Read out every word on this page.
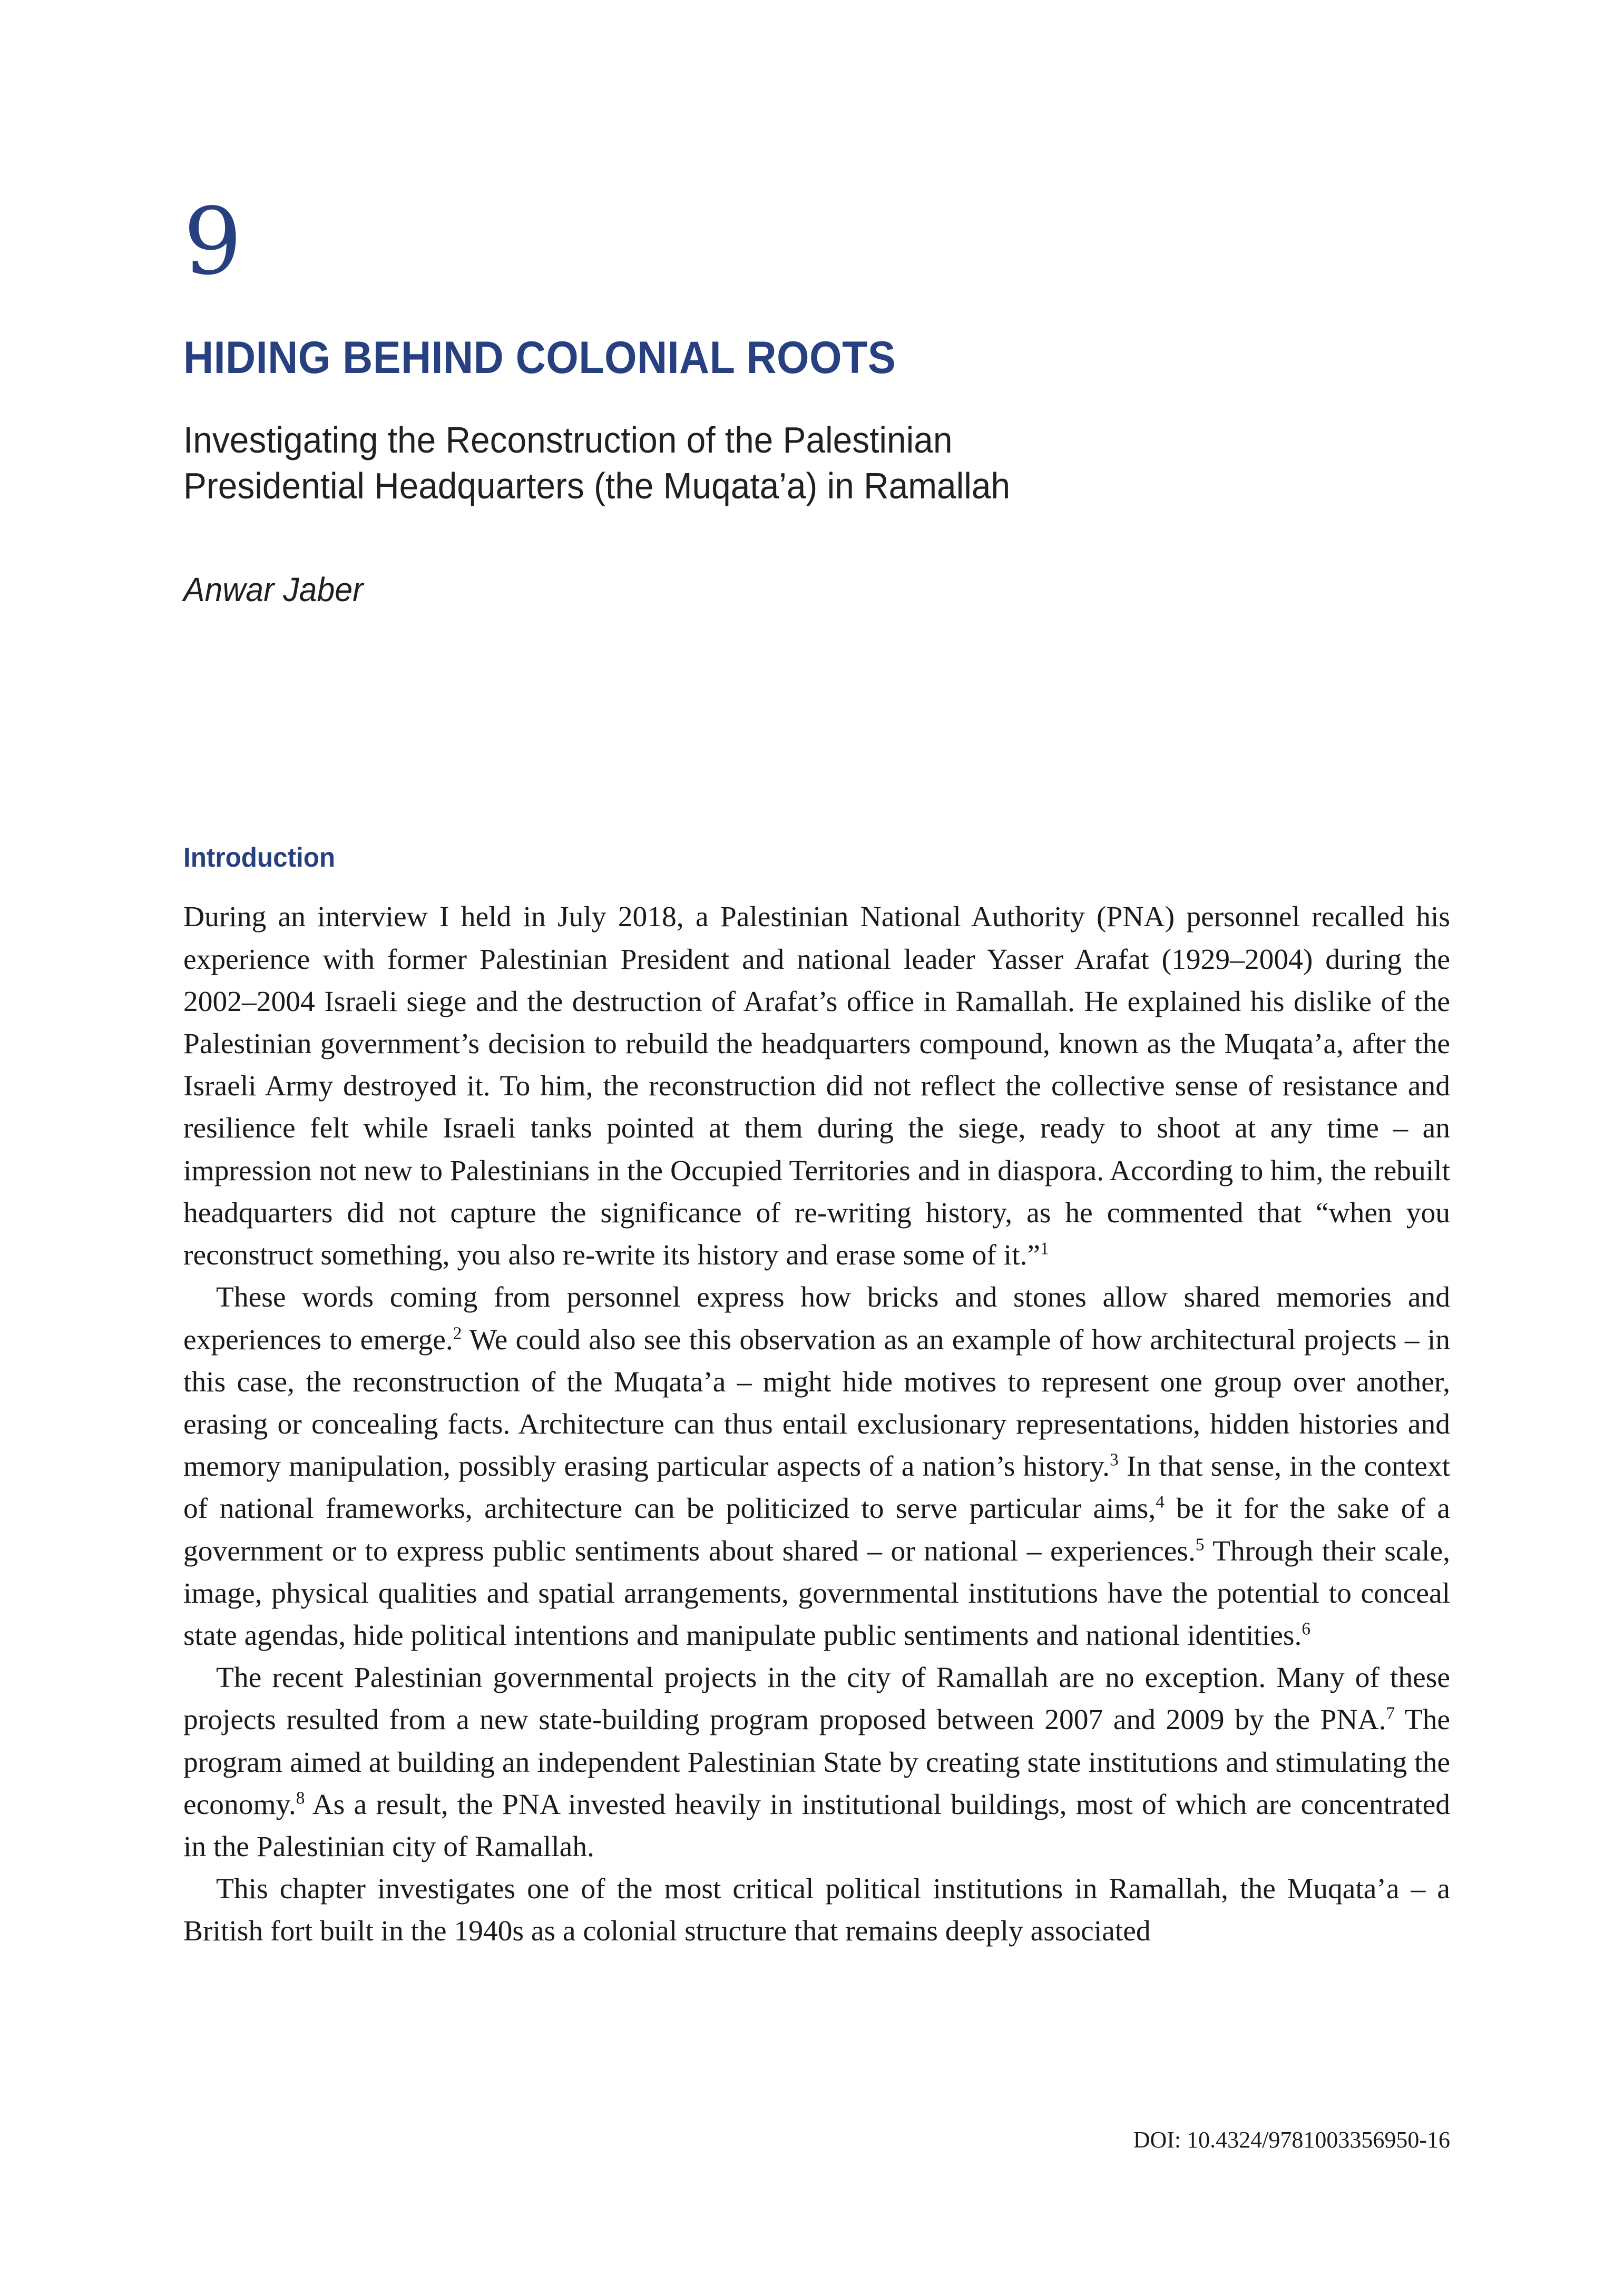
9
HIDING BEHIND COLONIAL ROOTS
Investigating the Reconstruction of the Palestinian
Presidential Headquarters (the Muqata’a) in Ramallah
Anwar Jaber
Introduction

During an interview I held in July 2018, a Palestinian National Authority (PNA) personnel recalled his experience with former Palestinian President and national leader Yasser Arafat (1929–2004) during the 2002–2004 Israeli siege and the destruction of Arafat’s office in Ramallah. He explained his dislike of the Palestinian government’s decision to rebuild the headquarters compound, known as the Muqata’a, after the Israeli Army destroyed it. To him, the reconstruction did not reflect the collective sense of resistance and resilience felt while Israeli tanks pointed at them during the siege, ready to shoot at any time – an impression not new to Palestinians in the Occupied Territories and in diaspora. According to him, the rebuilt headquarters did not capture the significance of re-writing history, as he commented that “when you reconstruct something, you also re-write its history and erase some of it.”$^1$

These words coming from personnel express how bricks and stones allow shared memories and experiences to emerge.$^2$ We could also see this observation as an example of how architectural projects – in this case, the reconstruction of the Muqata’a – might hide motives to represent one group over another, erasing or concealing facts. Architecture can thus entail exclusionary representations, hidden histories and memory manipulation, possibly erasing particular aspects of a nation’s history.$^3$ In that sense, in the context of national frameworks, architecture can be politicized to serve particular aims,$^4$ be it for the sake of a government or to express public sentiments about shared – or national – experiences.$^5$ Through their scale, image, physical qualities and spatial arrangements, governmental institutions have the potential to conceal state agendas, hide political intentions and manipulate public sentiments and national identities.$^6$

The recent Palestinian governmental projects in the city of Ramallah are no exception. Many of these projects resulted from a new state-building program proposed between 2007 and 2009 by the PNA.$^7$ The program aimed at building an independent Palestinian State by creating state institutions and stimulating the economy.$^8$ As a result, the PNA invested heavily in institutional buildings, most of which are concentrated in the Palestinian city of Ramallah.

This chapter investigates one of the most critical political institutions in Ramallah, the Muqata’a – a British fort built in the 1940s as a colonial structure that remains deeply associated

DOI: 10.4324/9781003356950-16
